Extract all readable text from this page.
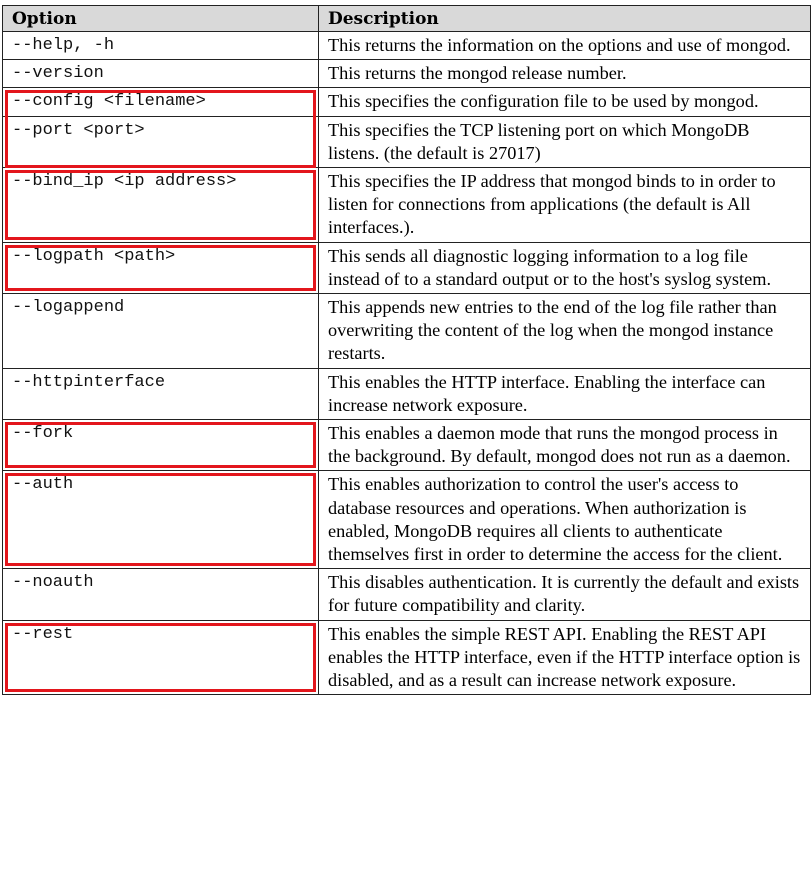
Option	Description
--help, -h	This returns the information on the options and use of mongod.
--version	This returns the mongod release number.
--config <filename>	This specifies the configuration file to be used by mongod.
--port <port>	This specifies the TCP listening port on which MongoDB listens. (the default is 27017)
--bind_ip <ip address>	This specifies the IP address that mongod binds to in order to listen for connections from applications (the default is All interfaces.).
--logpath <path>	This sends all diagnostic logging information to a log file instead of to a standard output or to the host's syslog system.
--logappend	This appends new entries to the end of the log file rather than overwriting the content of the log when the mongod instance restarts.
--httpinterface	This enables the HTTP interface. Enabling the interface can increase network exposure.
--fork	This enables a daemon mode that runs the mongod process in the background. By default, mongod does not run as a daemon.
--auth	This enables authorization to control the user's access to database resources and operations. When authorization is enabled, MongoDB requires all clients to authenticate themselves first in order to determine the access for the client.
--noauth	This disables authentication. It is currently the default and exists for future compatibility and clarity.
--rest	This enables the simple REST API. Enabling the REST API enables the HTTP interface, even if the HTTP interface option is disabled, and as a result can increase network exposure.
